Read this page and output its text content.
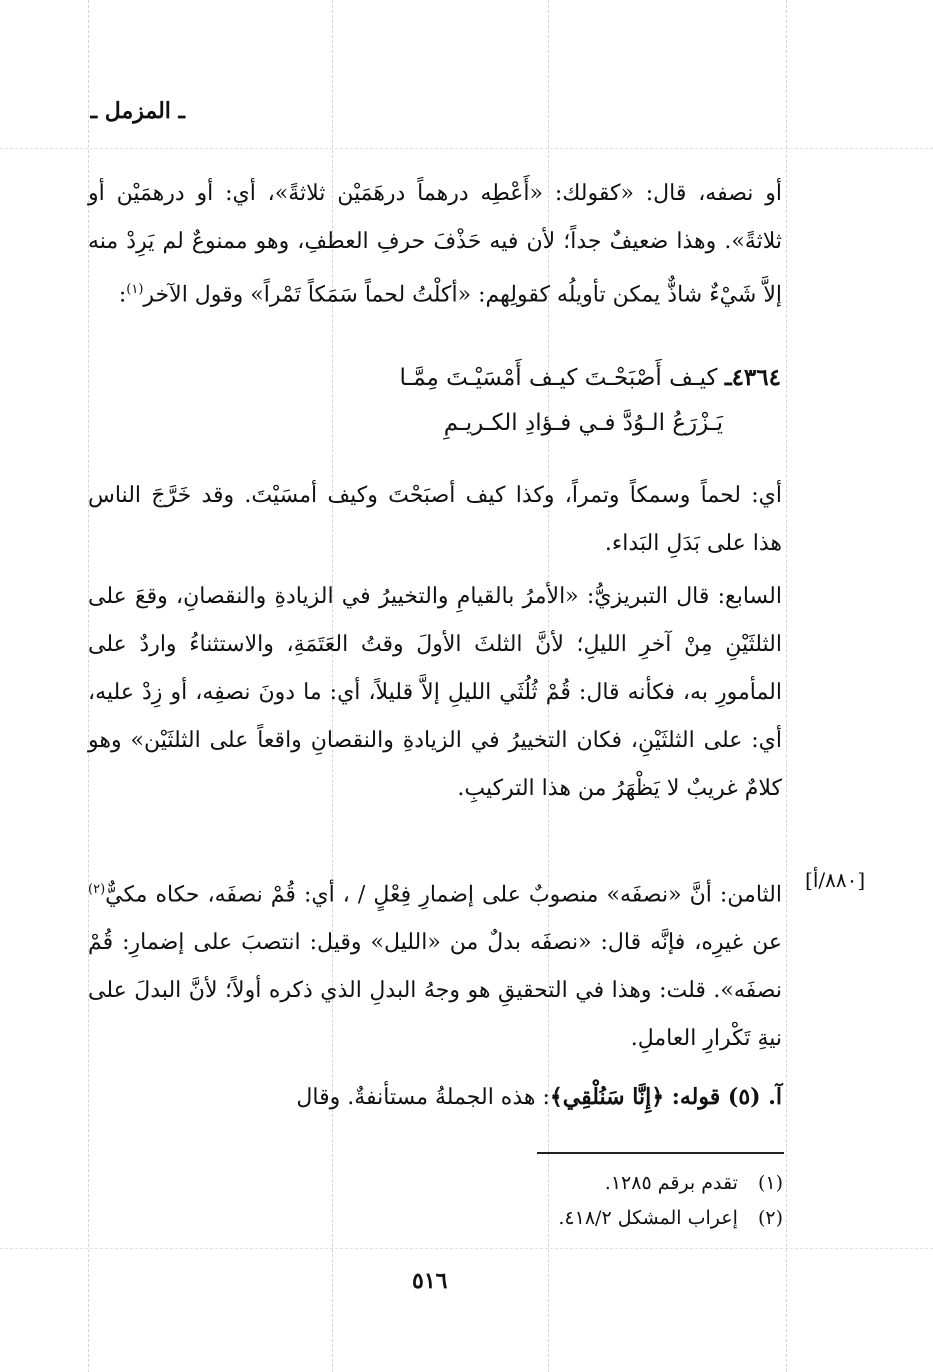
ـ المزمل ـ

أو نصفه، قال: «كقولك: «أَعْطِه درهماً درهَمَيْن ثلاثةً»، أي: أو درهمَيْن أو ثلاثةً». وهذا ضعيفٌ جداً؛ لأن فيه حَذْفَ حرفِ العطفِ، وهو ممنوعٌ لم يَرِدْ منه إلاَّ شَيْءٌ شاذٌّ يمكن تأويلُه كقولِهم: «أكلْتُ لحماً سَمَكاً تَمْراً» وقول الآخر$^{(١)}$:

٤٣٦٤ـ كيـف أَصْبَحْـتَ كيـف أَمْسَيْـتَ مِمَّـا
يَـزْرَعُ الـوُدَّ فـي فـؤادِ الكـريـمِ

أي: لحماً وسمكاً وتمراً، وكذا كيف أصبَحْتَ وكيف أمسَيْتَ. وقد خَرَّجَ الناس هذا على بَدَلِ البَداء.

السابع: قال التبريزيُّ: «الأمرُ بالقيامِ والتخييرُ في الزيادةِ والنقصانِ، وقعَ على الثلثَيْنِ مِنْ آخرِ الليلِ؛ لأنَّ الثلثَ الأولَ وقتُ العَتَمَةِ، والاستثناءُ واردٌ على المأمورِ به، فكأنه قال: قُمْ ثُلُثَي الليلِ إلاَّ قليلاً، أي: ما دونَ نصفِه، أو زِدْ عليه، أي: على الثلثَيْنِ، فكان التخييرُ في الزيادةِ والنقصانِ واقعاً على الثلثَيْن» وهو كلامٌ غريبٌ لا يَظْهَرُ من هذا التركيبِ.

[٨٨٠/أ]

الثامن: أنَّ «نصفَه» منصوبٌ على إضمارِ فِعْلٍ / ، أي: قُمْ نصفَه، حكاه مكيٌّ$^{(٢)}$ عن غيرِه، فإنَّه قال: «نصفَه بدلٌ من «الليل» وقيل: انتصبَ على إضمارِ: قُمْ نصفَه». قلت: وهذا في التحقيقِ هو وجهُ البدلِ الذي ذكره أولاً؛ لأنَّ البدلَ على نيةِ تَكْرارِ العاملِ.

آ. (٥) قوله: ﴿إِنَّا سَنُلْقِي﴾: هذه الجملةُ مستأنفةٌ. وقال

(١) تقدم برقم ١٢٨٥.
(٢) إعراب المشكل ٤١٨/٢.
٥١٦
